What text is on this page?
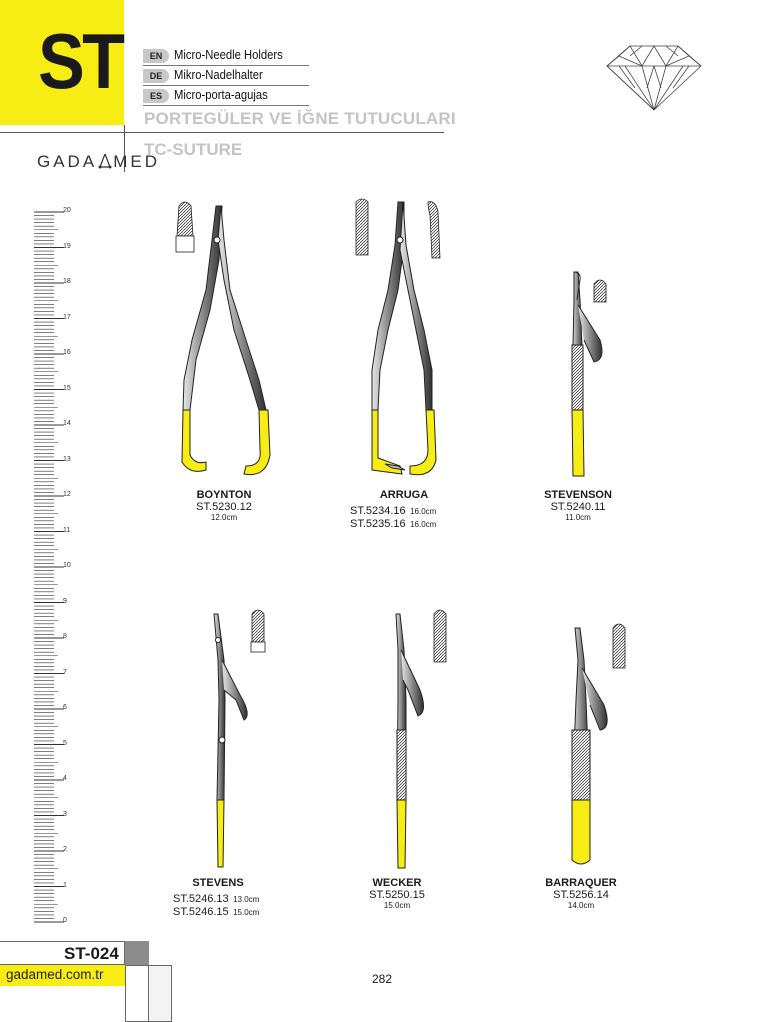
ST	EN Micro-Needle Holders
DE Mikro-Nadelhalter
ES Micro-porta-agujas
PORTEGÜLER VE İĞNE TUTUCULARI
TC-SUTURE
GADA MED
20
19
18
17
16
15
14
13
12
11
10
9
8
7
6
5
4
3
2
1
0
BOYNTON
ST.5230.12
12.0cm
ARRUGA
ST.5234.16 16.0cm
ST.5235.16 16.0cm
STEVENSON
ST.5240.11
11.0cm
STEVENS
ST.5246.13 13.0cm
ST.5246.15 15.0cm
WECKER
ST.5250.15
15.0cm
BARRAQUER
ST.5256.14
14.0cm
ST-024
gadamed.com.tr	282
